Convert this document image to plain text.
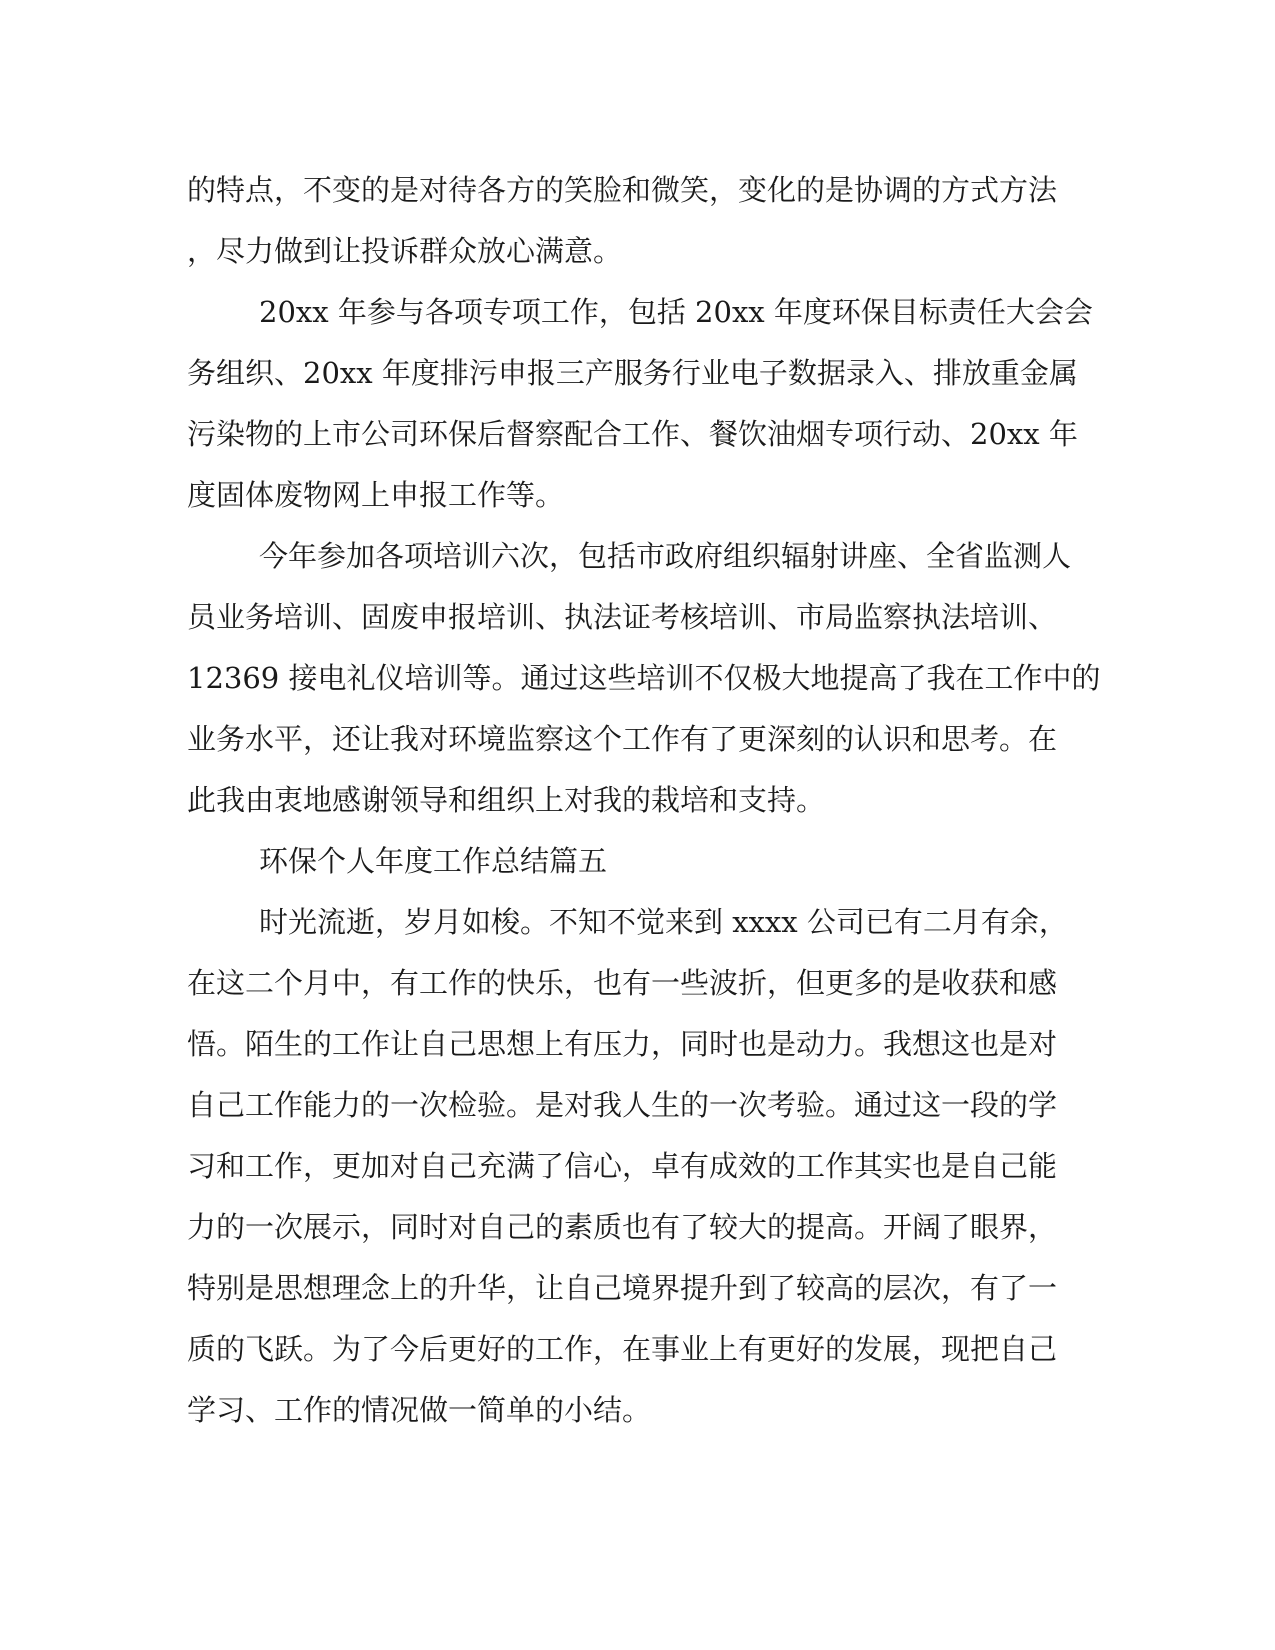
的特点，不变的是对待各方的笑脸和微笑，变化的是协调的方式方法
，尽力做到让投诉群众放心满意。
20xx 年参与各项专项工作，包括 20xx 年度环保目标责任大会会
务组织、20xx 年度排污申报三产服务行业电子数据录入、排放重金属
污染物的上市公司环保后督察配合工作、餐饮油烟专项行动、20xx 年
度固体废物网上申报工作等。
今年参加各项培训六次，包括市政府组织辐射讲座、全省监测人
员业务培训、固废申报培训、执法证考核培训、市局监察执法培训、
12369 接电礼仪培训等。通过这些培训不仅极大地提高了我在工作中的
业务水平，还让我对环境监察这个工作有了更深刻的认识和思考。在
此我由衷地感谢领导和组织上对我的栽培和支持。
环保个人年度工作总结篇五
时光流逝，岁月如梭。不知不觉来到 xxxx 公司已有二月有余，
在这二个月中，有工作的快乐，也有一些波折，但更多的是收获和感
悟。陌生的工作让自己思想上有压力，同时也是动力。我想这也是对
自己工作能力的一次检验。是对我人生的一次考验。通过这一段的学
习和工作，更加对自己充满了信心，卓有成效的工作其实也是自己能
力的一次展示，同时对自己的素质也有了较大的提高。开阔了眼界，
特别是思想理念上的升华，让自己境界提升到了较高的层次，有了一
质的飞跃。为了今后更好的工作，在事业上有更好的发展，现把自己
学习、工作的情况做一简单的小结。
